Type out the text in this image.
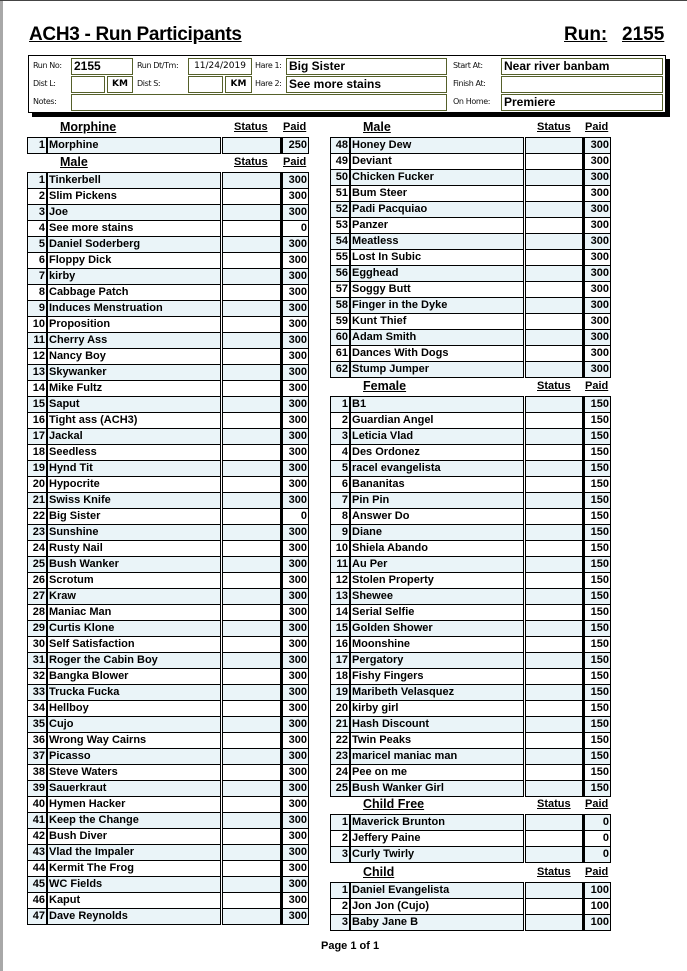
ACH3 - Run Participants	Run: 2155
Run No: 2155	Run Dt/Tm:	11/24/2019	Hare 1: Big Sister	Start At: Near river banbam
Dist L:	KM	Dist S:	KM	Hare 2: See more stains	Finish At:
Notes:	On Home: Premiere
Page 1 of 1
Morphine	Status Paid
1 Morphine	250
Male	Status Paid
1 Tinkerbell	300
2 Slim Pickens	300
3 Joe	300
4 See more stains	0
5 Daniel Soderberg	300
6 Floppy Dick	300
7 kirby	300
8 Cabbage Patch	300
9 Induces Menstruation	300
10 Proposition	300
11 Cherry Ass	300
12 Nancy Boy	300
13 Skywanker	300
14 Mike Fultz	300
15 Saput	300
16 Tight ass (ACH3)	300
17 Jackal	300
18 Seedless	300
19 Hynd Tit	300
20 Hypocrite	300
21 Swiss Knife	300
22 Big Sister	0
23 Sunshine	300
24 Rusty Nail	300
25 Bush Wanker	300
26 Scrotum	300
27 Kraw	300
28 Maniac Man	300
29 Curtis Klone	300
30 Self Satisfaction	300
31 Roger the Cabin Boy	300
32 Bangka Blower	300
33 Trucka Fucka	300
34 Hellboy	300
35 Cujo	300
36 Wrong Way Cairns	300
37 Picasso	300
38 Steve Waters	300
39 Sauerkraut	300
40 Hymen Hacker	300
41 Keep the Change	300
42 Bush Diver	300
43 Vlad the Impaler	300
44 Kermit The Frog	300
45 WC Fields	300
46 Kaput	300
47 Dave Reynolds	300
Male	Status Paid
48 Honey Dew	300
49 Deviant	300
50 Chicken Fucker	300
51 Bum Steer	300
52 Padi Pacquiao	300
53 Panzer	300
54 Meatless	300
55 Lost In Subic	300
56 Egghead	300
57 Soggy Butt	300
58 Finger in the Dyke	300
59 Kunt Thief	300
60 Adam Smith	300
61 Dances With Dogs	300
62 Stump Jumper	300
Female	Status Paid
1 B1	150
2 Guardian Angel	150
3 Leticia Vlad	150
4 Des Ordonez	150
5 racel evangelista	150
6 Bananitas	150
7 Pin Pin	150
8 Answer Do	150
9 Diane	150
10 Shiela Abando	150
11 Au Per	150
12 Stolen Property	150
13 Shewee	150
14 Serial Selfie	150
15 Golden Shower	150
16 Moonshine	150
17 Pergatory	150
18 Fishy Fingers	150
19 Maribeth Velasquez	150
20 kirby girl	150
21 Hash Discount	150
22 Twin Peaks	150
23 maricel maniac man	150
24 Pee on me	150
25 Bush Wanker Girl	150
Child Free	Status Paid
1 Maverick Brunton	0
2 Jeffery Paine	0
3 Curly Twirly	0
Child	Status Paid
1 Daniel Evangelista	100
2 Jon Jon (Cujo)	100
3 Baby Jane B	100
